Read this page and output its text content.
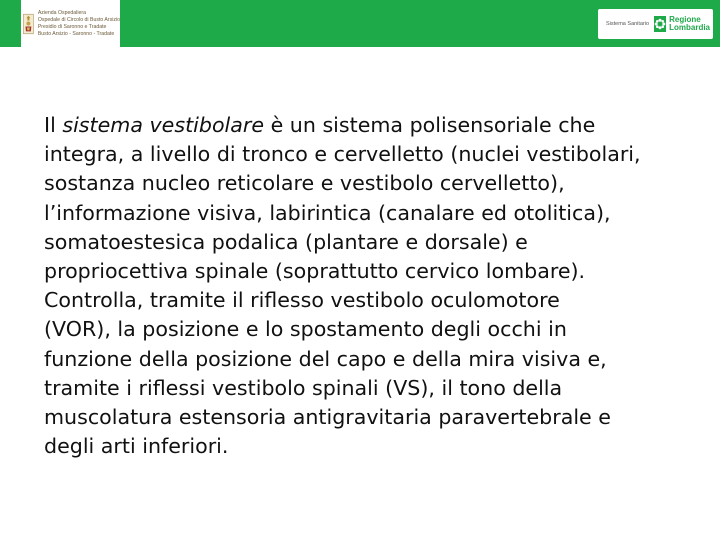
Azienda Ospedaliera
Ospedale di Circolo di Busto Arsizio
Presidio di Saronno e Tradate
Busto Arsizio - Saronno - Tradate
Sistema Sanitario	Regione
Lombardia
Il sistema vestibolare è un sistema polisensoriale che
integra, a livello di tronco e cervelletto (nuclei vestibolari,
sostanza nucleo reticolare e vestibolo cervelletto),
l’informazione visiva, labirintica (canalare ed otolitica),
somatoestesica podalica (plantare e dorsale) e
propriocettiva spinale (soprattutto cervico lombare).
Controlla, tramite il riflesso vestibolo oculomotore
(VOR), la posizione e lo spostamento degli occhi in
funzione della posizione del capo e della mira visiva e,
tramite i riflessi vestibolo spinali (VS), il tono della
muscolatura estensoria antigravitaria paravertebrale e
degli arti inferiori.
